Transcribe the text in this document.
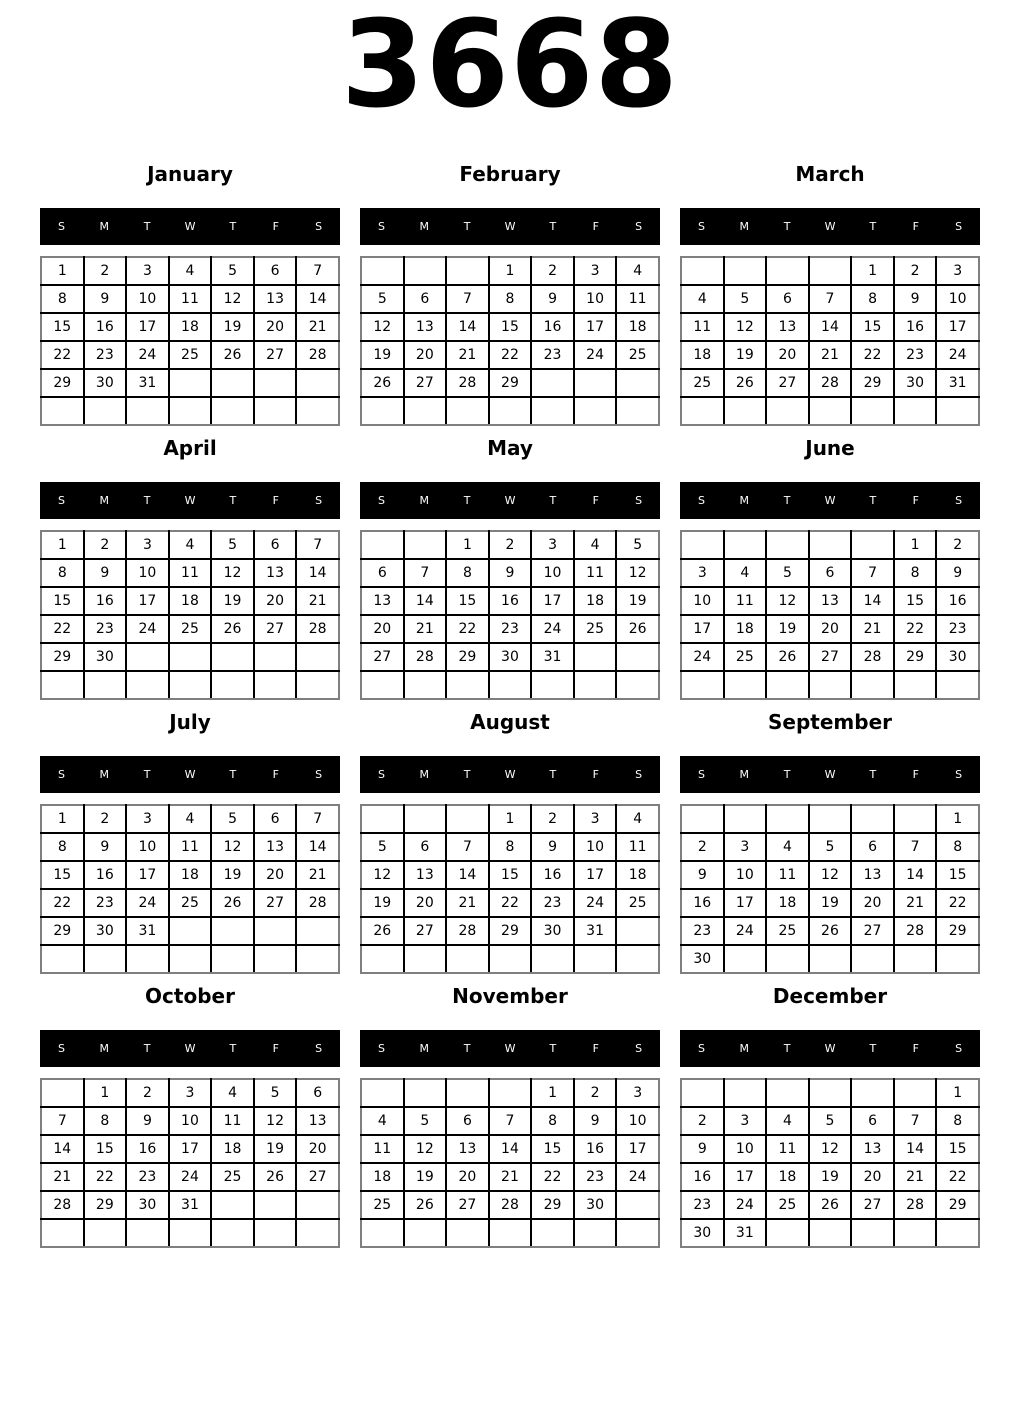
3668
January
S	M	T	W	T	F	S
1	2	3	4	5	6	7
8	9	10	11	12	13	14
15	16	17	18	19	20	21
22	23	24	25	26	27	28
29	30	31				

February
S	M	T	W	T	F	S
			1	2	3	4
5	6	7	8	9	10	11
12	13	14	15	16	17	18
19	20	21	22	23	24	25
26	27	28	29			

March
S	M	T	W	T	F	S
				1	2	3
4	5	6	7	8	9	10
11	12	13	14	15	16	17
18	19	20	21	22	23	24
25	26	27	28	29	30	31

April
S	M	T	W	T	F	S
1	2	3	4	5	6	7
8	9	10	11	12	13	14
15	16	17	18	19	20	21
22	23	24	25	26	27	28
29	30					

May
S	M	T	W	T	F	S
		1	2	3	4	5
6	7	8	9	10	11	12
13	14	15	16	17	18	19
20	21	22	23	24	25	26
27	28	29	30	31		

June
S	M	T	W	T	F	S
					1	2
3	4	5	6	7	8	9
10	11	12	13	14	15	16
17	18	19	20	21	22	23
24	25	26	27	28	29	30

July
S	M	T	W	T	F	S
1	2	3	4	5	6	7
8	9	10	11	12	13	14
15	16	17	18	19	20	21
22	23	24	25	26	27	28
29	30	31				

August
S	M	T	W	T	F	S
			1	2	3	4
5	6	7	8	9	10	11
12	13	14	15	16	17	18
19	20	21	22	23	24	25
26	27	28	29	30	31	

September
S	M	T	W	T	F	S
						1
2	3	4	5	6	7	8
9	10	11	12	13	14	15
16	17	18	19	20	21	22
23	24	25	26	27	28	29
30						
October
S	M	T	W	T	F	S
	1	2	3	4	5	6
7	8	9	10	11	12	13
14	15	16	17	18	19	20
21	22	23	24	25	26	27
28	29	30	31			

November
S	M	T	W	T	F	S
				1	2	3
4	5	6	7	8	9	10
11	12	13	14	15	16	17
18	19	20	21	22	23	24
25	26	27	28	29	30	

December
S	M	T	W	T	F	S
						1
2	3	4	5	6	7	8
9	10	11	12	13	14	15
16	17	18	19	20	21	22
23	24	25	26	27	28	29
30	31					
